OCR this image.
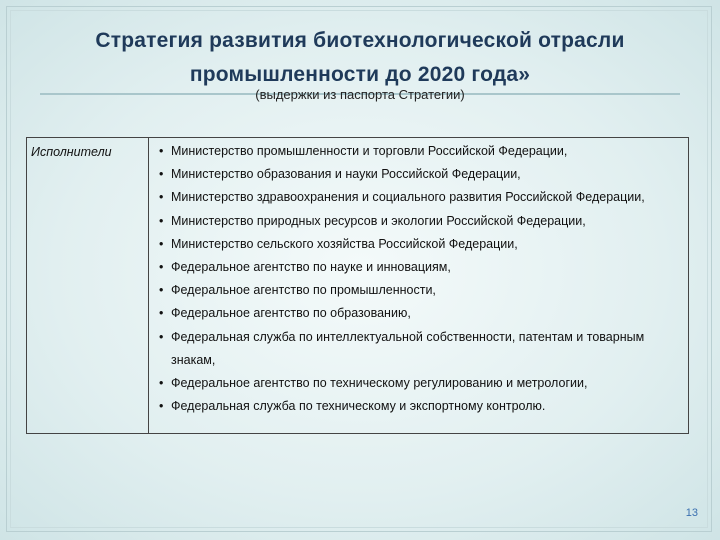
Стратегия развития биотехнологической отрасли
промышленности до 2020 года»
(выдержки из паспорта Стратегии)
Исполнители	
•Министерство промышленности и торговли Российской Федерации,
• Министерство образования и науки Российской Федерации,
• Министерство здравоохранения и социального развития Российской Федерации,
• Министерство природных ресурсов и экологии Российской Федерации,
• Министерство сельского хозяйства Российской Федерации,
• Федеральное агентство по науке и инновациям,
• Федеральное агентство по промышленности,
• Федеральное агентство по образованию,
• Федеральная служба по интеллектуальной собственности, патентам и товарным знакам,
• Федеральное агентство по техническому регулированию и метрологии,
• Федеральная служба по техническому и экспортному контролю.
13
